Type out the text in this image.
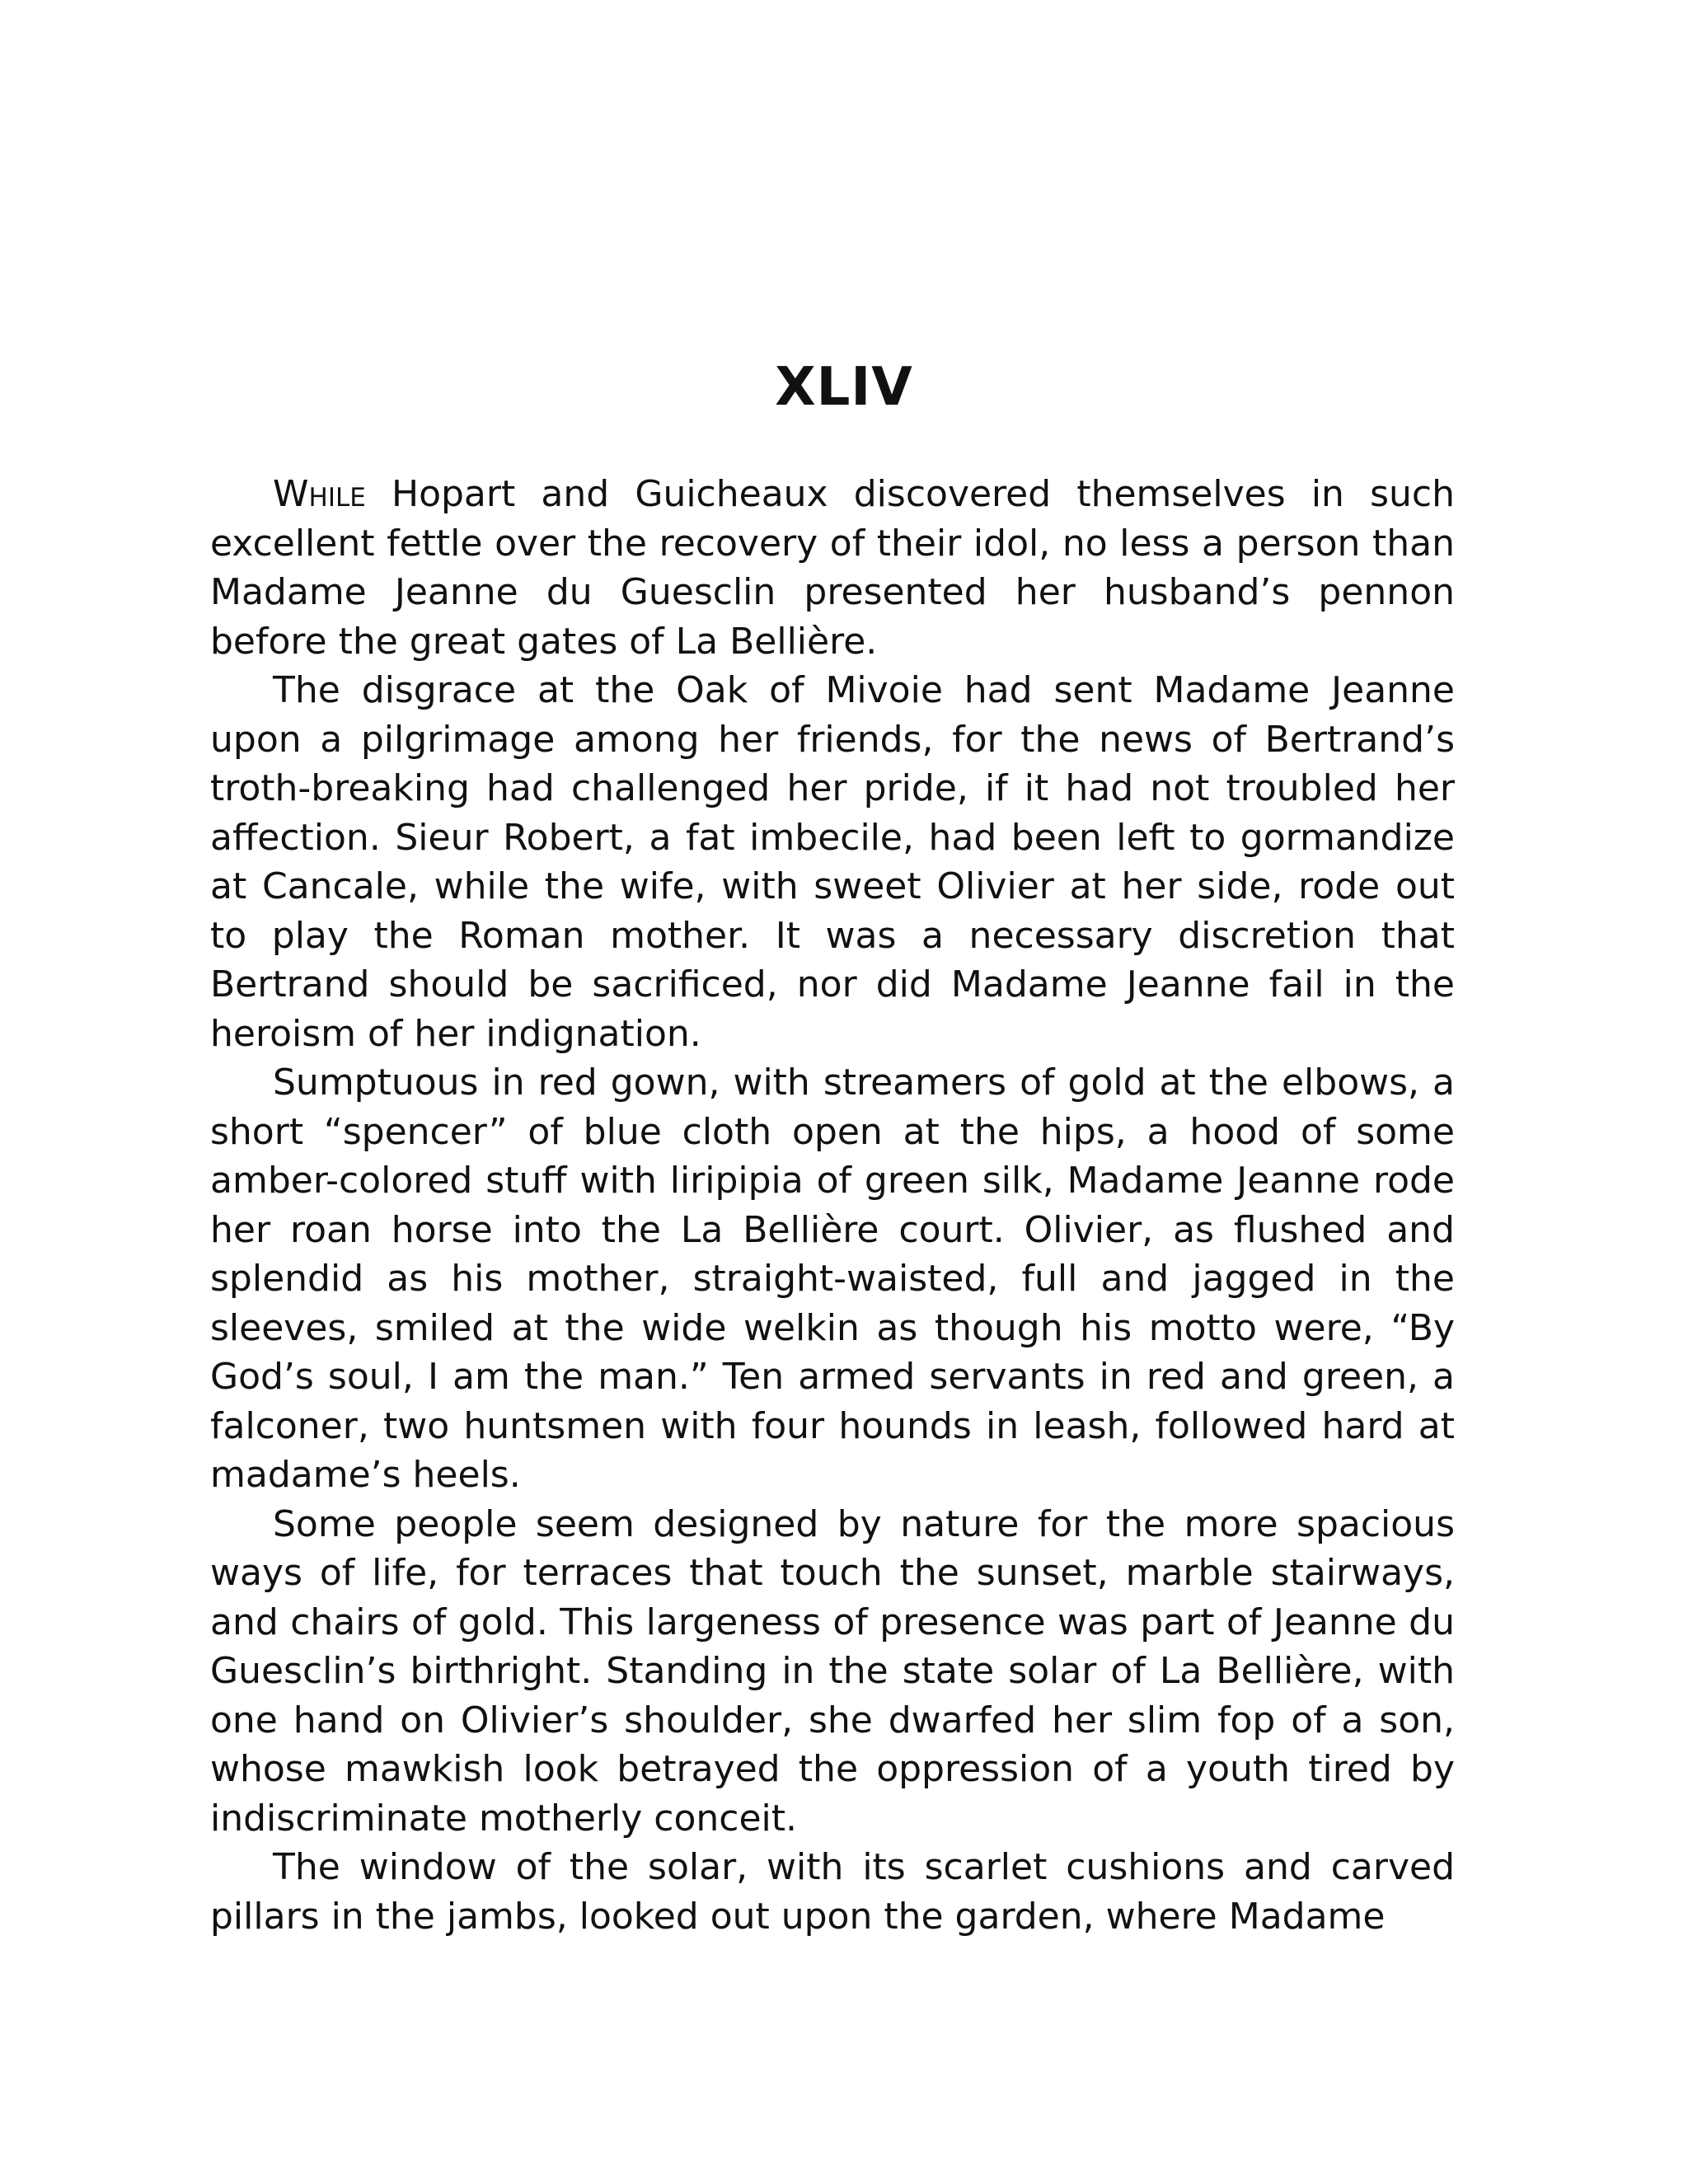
XLIV

While Hopart and Guicheaux discovered themselves in such excellent fettle over the recovery of their idol, no less a person than Madame Jeanne du Guesclin presented her husband’s pennon before the great gates of La Bellière.

The disgrace at the Oak of Mivoie had sent Madame Jeanne upon a pilgrimage among her friends, for the news of Bertrand’s troth-breaking had challenged her pride, if it had not troubled her affection. Sieur Robert, a fat imbecile, had been left to gormandize at Cancale, while the wife, with sweet Olivier at her side, rode out to play the Roman mother. It was a necessary discretion that Bertrand should be sacrificed, nor did Madame Jeanne fail in the heroism of her indignation.

Sumptuous in red gown, with streamers of gold at the elbows, a short “spencer” of blue cloth open at the hips, a hood of some amber-colored stuff with liripipia of green silk, Madame Jeanne rode her roan horse into the La Bellière court. Olivier, as flushed and splendid as his mother, straight-waisted, full and jagged in the sleeves, smiled at the wide welkin as though his motto were, “By God’s soul, I am the man.” Ten armed servants in red and green, a falconer, two huntsmen with four hounds in leash, followed hard at madame’s heels.

Some people seem designed by nature for the more spacious ways of life, for terraces that touch the sunset, marble stairways, and chairs of gold. This largeness of presence was part of Jeanne du Guesclin’s birthright. Standing in the state solar of La Bellière, with one hand on Olivier’s shoulder, she dwarfed her slim fop of a son, whose mawkish look betrayed the oppression of a youth tired by indiscriminate motherly conceit.

The window of the solar, with its scarlet cushions and carved pillars in the jambs, looked out upon the garden, where Madame
